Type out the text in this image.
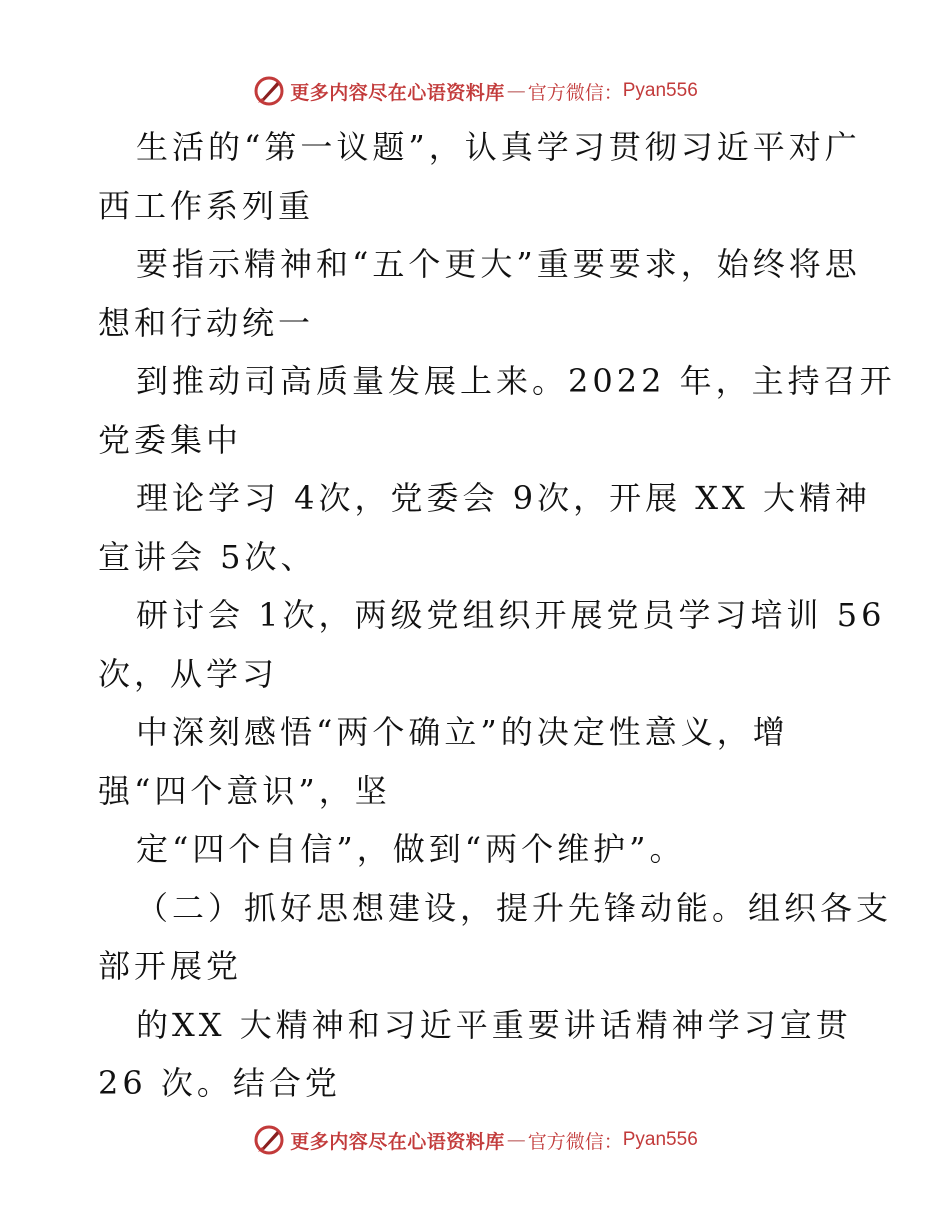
更多内容尽在心语资料库 — 官方微信： Pyan556
生活的“第一议题”，认真学习贯彻习近平对广
西工作系列重
要指示精神和“五个更大”重要要求，始终将思
想和行动统一
到推动司高质量发展上来。2022 年，主持召开
党委集中
理论学习 4次，党委会 9次，开展 XX 大精神
宣讲会 5次、
研讨会 1次，两级党组织开展党员学习培训 56
次，从学习
中深刻感悟“两个确立”的决定性意义，增
强“四个意识”，坚
定“四个自信”，做到“两个维护”。
（二）抓好思想建设，提升先锋动能。组织各支
部开展党
的XX 大精神和习近平重要讲话精神学习宣贯
26 次。结合党
更多内容尽在心语资料库 — 官方微信： Pyan556
